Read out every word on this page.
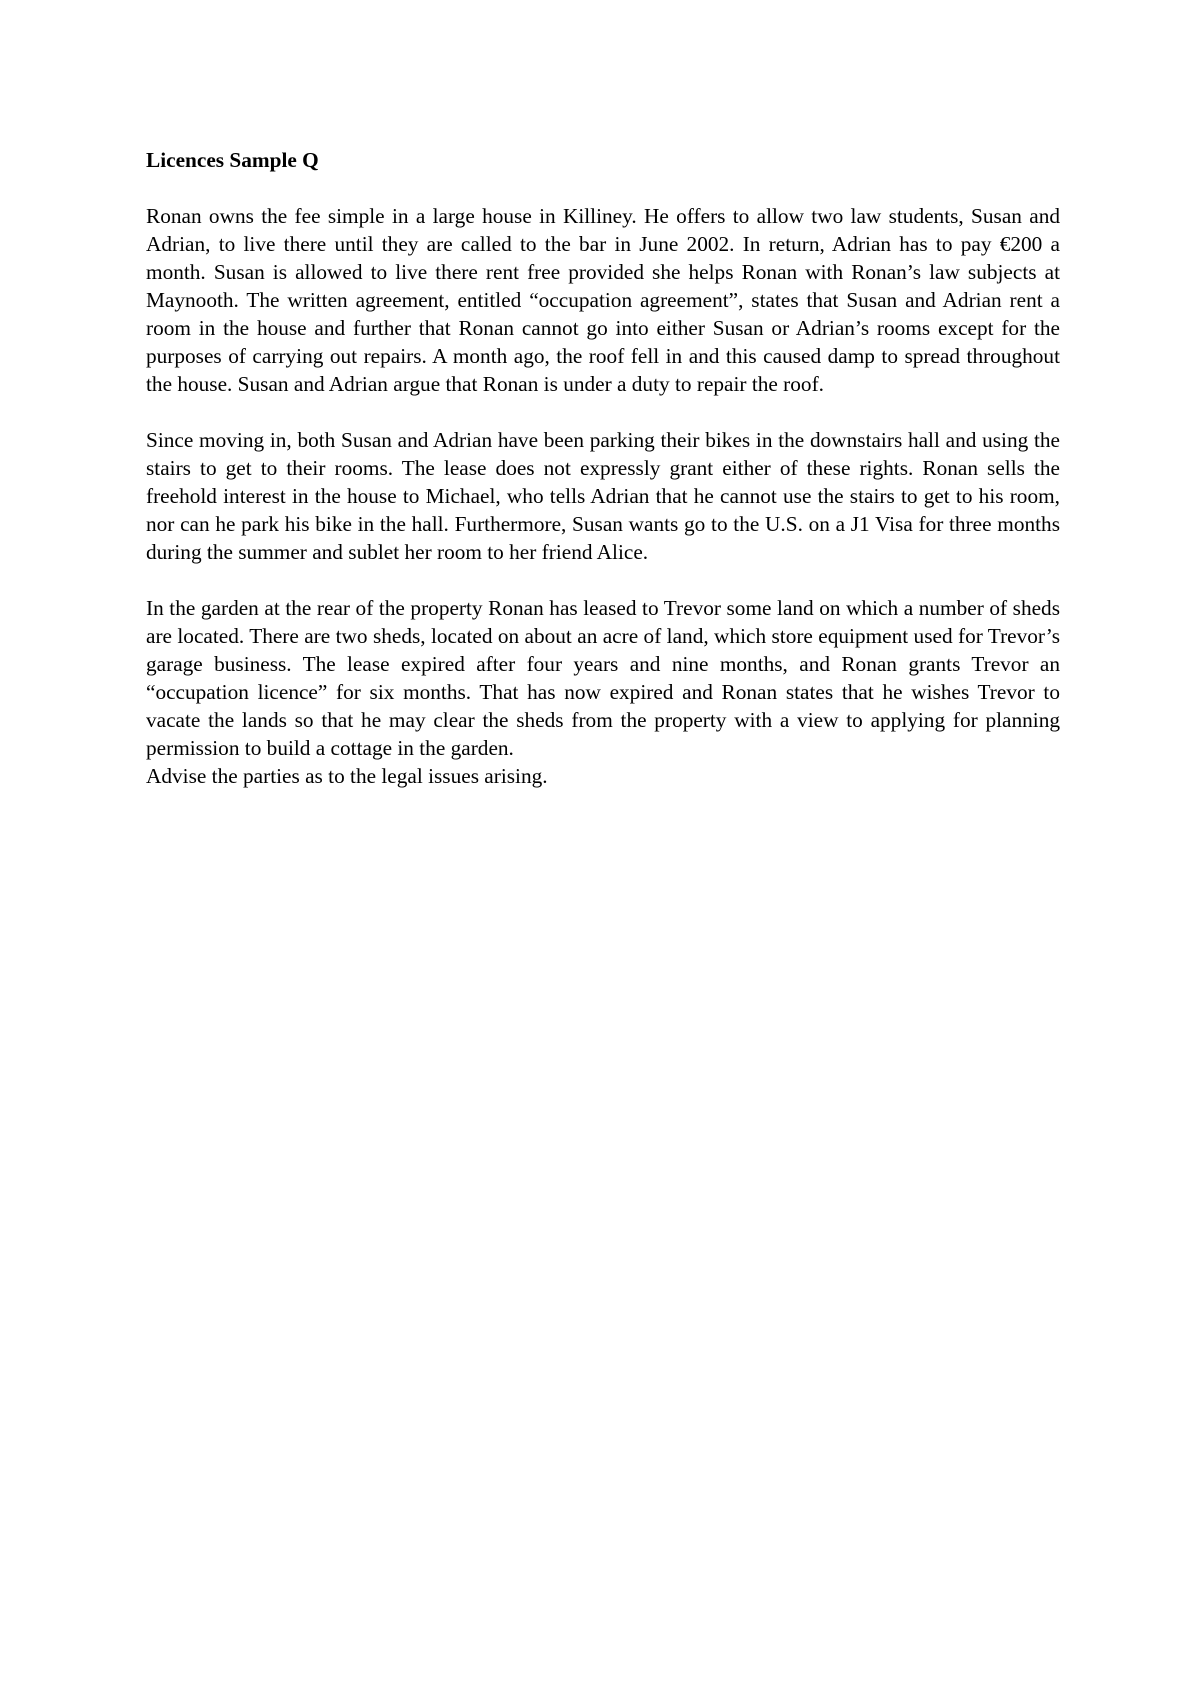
Licences Sample Q

Ronan owns the fee simple in a large house in Killiney. He offers to allow two law students, Susan and Adrian, to live there until they are called to the bar in June 2002. In return, Adrian has to pay €200 a month. Susan is allowed to live there rent free provided she helps Ronan with Ronan’s law subjects at Maynooth. The written agreement, entitled “occupation agreement”, states that Susan and Adrian rent a room in the house and further that Ronan cannot go into either Susan or Adrian’s rooms except for the purposes of carrying out repairs. A month ago, the roof fell in and this caused damp to spread throughout the house. Susan and Adrian argue that Ronan is under a duty to repair the roof.

Since moving in, both Susan and Adrian have been parking their bikes in the downstairs hall and using the stairs to get to their rooms. The lease does not expressly grant either of these rights. Ronan sells the freehold interest in the house to Michael, who tells Adrian that he cannot use the stairs to get to his room, nor can he park his bike in the hall. Furthermore, Susan wants go to the U.S. on a J1 Visa for three months during the summer and sublet her room to her friend Alice.

In the garden at the rear of the property Ronan has leased to Trevor some land on which a number of sheds are located. There are two sheds, located on about an acre of land, which store equipment used for Trevor’s garage business. The lease expired after four years and nine months, and Ronan grants Trevor an “occupation licence” for six months. That has now expired and Ronan states that he wishes Trevor to vacate the lands so that he may clear the sheds from the property with a view to applying for planning permission to build a cottage in the garden.

Advise the parties as to the legal issues arising.
